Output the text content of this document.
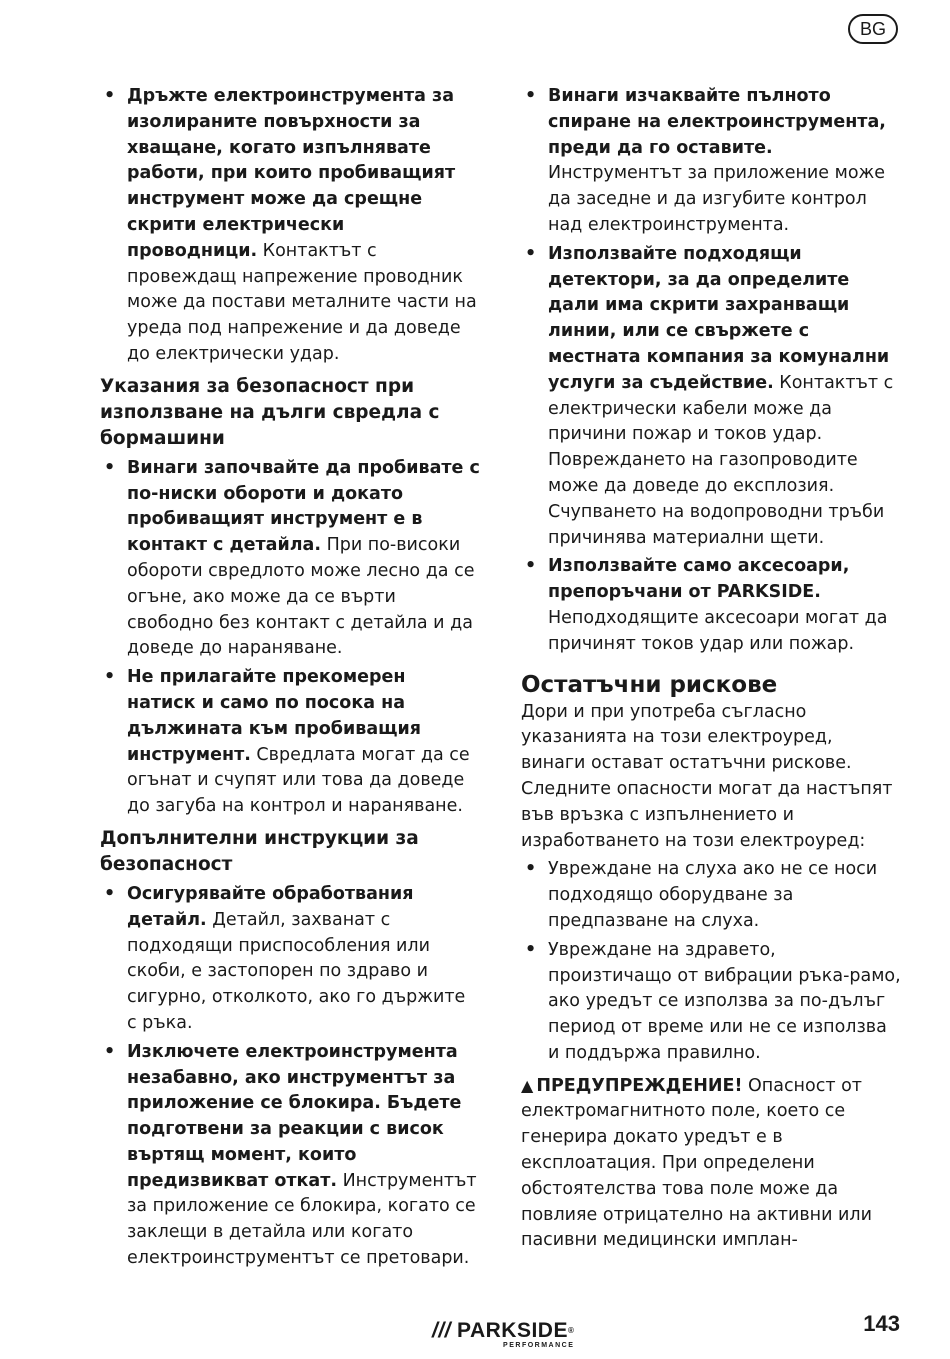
BG
• Дръжте електроинструмента за изолираните повърхности за хващане, когато изпълнявате работи, при които пробиващият инструмент може да срещне скрити електрически проводници. Контактът с провеждащ напрежение проводник може да постави металните части на уреда под напрежение и да доведе до електрически удар.
Указания за безопасност при използване на дълги свредла с бормашини
• Винаги започвайте да пробивате с по-ниски обороти и докато пробиващият инструмент е в контакт с детайла. При по-високи обороти свредлото може лесно да се огъне, ако може да се върти свободно без контакт с детайла и да доведе до нараняване.
• Не прилагайте прекомерен натиск и само по посока на дължината към пробиващия инструмент. Свредлата могат да се огънат и счупят или това да доведе до загуба на контрол и нараняване.
Допълнителни инструкции за безопасност
• Осигурявайте обработвания детайл. Детайл, захванат с подходящи приспособления или скоби, е застопорен по здраво и сигурно, отколкото, ако го държите с ръка.
• Изключете електроинструмента незабавно, ако инструментът за приложение се блокира. Бъдете подготвени за реакции с висок въртящ момент, които предизвикват откат. Инструментът за приложение се блокира, когато се заклещи в детайла или когато електроинструментът се претовари.
• Винаги изчаквайте пълното спиране на електроинструмента, преди да го оставите. Инструментът за приложение може да заседне и да изгубите контрол над електроинструмента.
• Използвайте подходящи детектори, за да определите дали има скрити захранващи линии, или се свържете с местната компания за комунални услуги за съдействие. Контактът с електрически кабели може да причини пожар и токов удар. Повреждането на газопроводите може да доведе до експлозия. Счупването на водопроводни тръби причинява материални щети.
• Използвайте само аксесоари, препоръчани от PARKSIDE. Неподходящите аксесоари могат да причинят токов удар или пожар.
Остатъчни рискове
Дори и при употреба съгласно указанията на този електроуред, винаги остават остатъчни рискове. Следните опасности могат да настъпят във връзка с изпълнението и изработването на този електроуред:
• Увреждане на слуха ако не се носи подходящо оборудване за предпазване на слуха.
• Увреждане на здравето, произтичащо от вибрации ръка-рамо, ако уредът се използва за по-дълъг период от време или не се използва и поддържа правилно.
▲ ПРЕДУПРЕЖДЕНИЕ! Опасност от електромагнитното поле, което се генерира докато уредът е в експлоатация. При определени обстоятелства това поле може да повлияе отрицателно на активни или пасивни медицински имплан-
/// PARKSIDE®
PERFORMANCE
143
